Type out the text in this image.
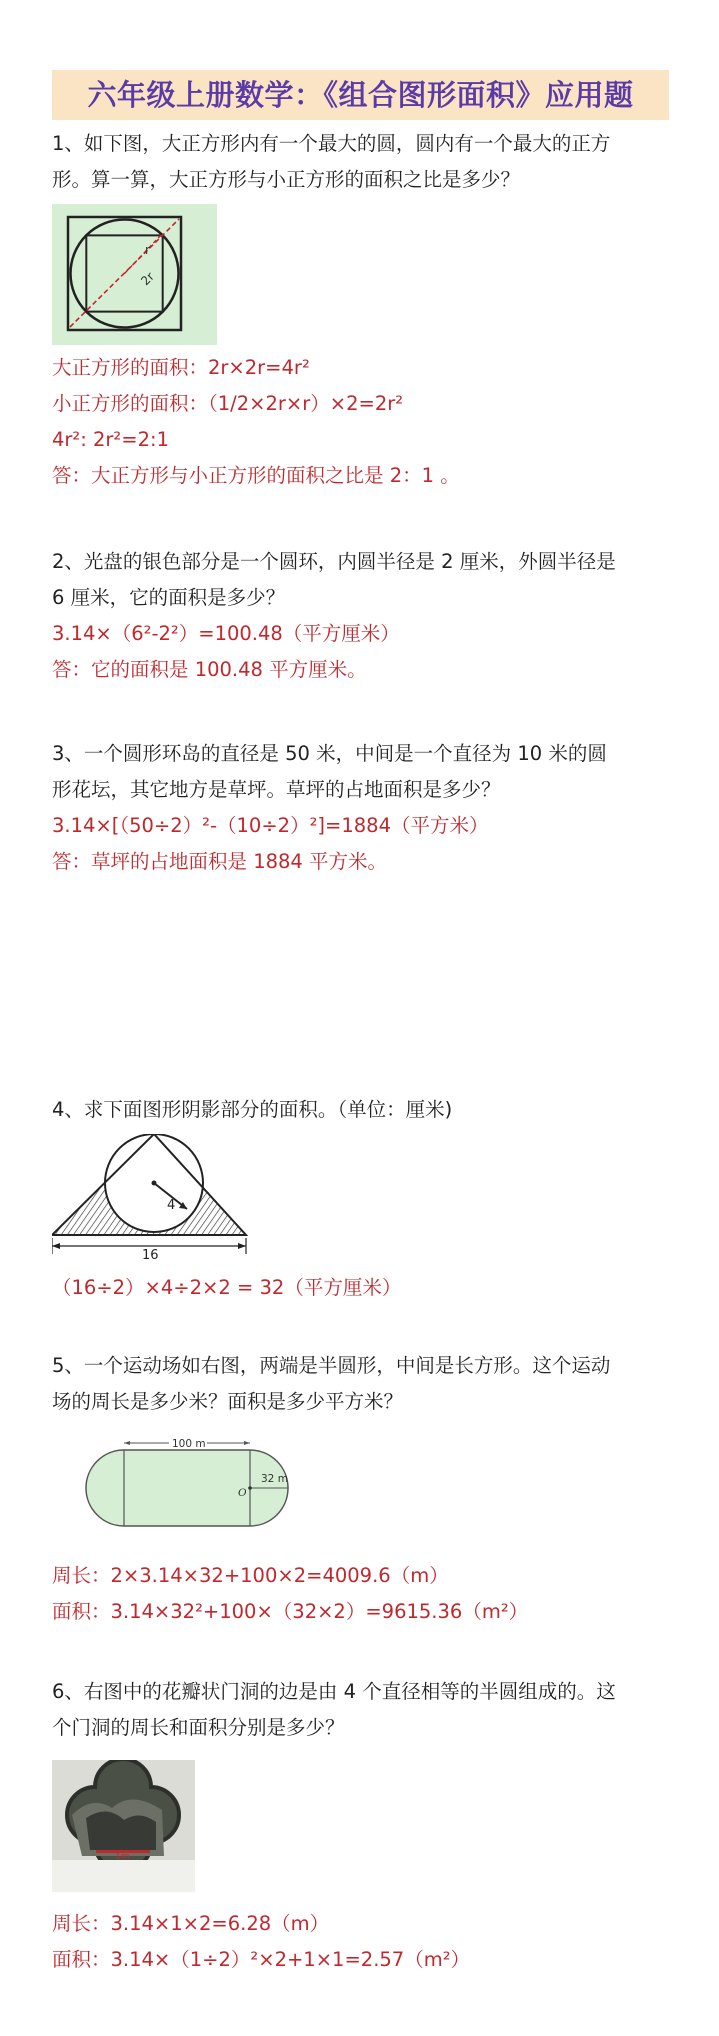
六年级上册数学：《组合图形面积》应用题
1、如下图，大正方形内有一个最大的圆，圆内有一个最大的正方
形。算一算，大正方形与小正方形的面积之比是多少？
r
2r
大正方形的面积：2r×2r=4r²
小正方形的面积：（1/2×2r×r）×2=2r²
4r²: 2r²=2:1
答：大正方形与小正方形的面积之比是 2：1 。
2、光盘的银色部分是一个圆环，内圆半径是 2 厘米，外圆半径是
6 厘米，它的面积是多少？
3.14×（6²-2²）=100.48（平方厘米）
答：它的面积是 100.48 平方厘米。
3、一个圆形环岛的直径是 50 米，中间是一个直径为 10 米的圆
形花坛，其它地方是草坪。草坪的占地面积是多少？
3.14×[（50÷2）²-（10÷2）²]=1884（平方米）
答：草坪的占地面积是 1884 平方米。
4、求下面图形阴影部分的面积。（单位：厘米)
4
16
（16÷2）×4÷2×2 = 32（平方厘米）
5、一个运动场如右图，两端是半圆形，中间是长方形。这个运动
场的周长是多少米？面积是多少平方米？
100 m
32 m
O
周长：2×3.14×32+100×2=4009.6（m）
面积：3.14×32²+100×（32×2）=9615.36（m²）
6、右图中的花瓣状门洞的边是由 4 个直径相等的半圆组成的。这
个门洞的周长和面积分别是多少？
1m
周长：3.14×1×2=6.28（m）
面积：3.14×（1÷2）²×2+1×1=2.57（m²）
